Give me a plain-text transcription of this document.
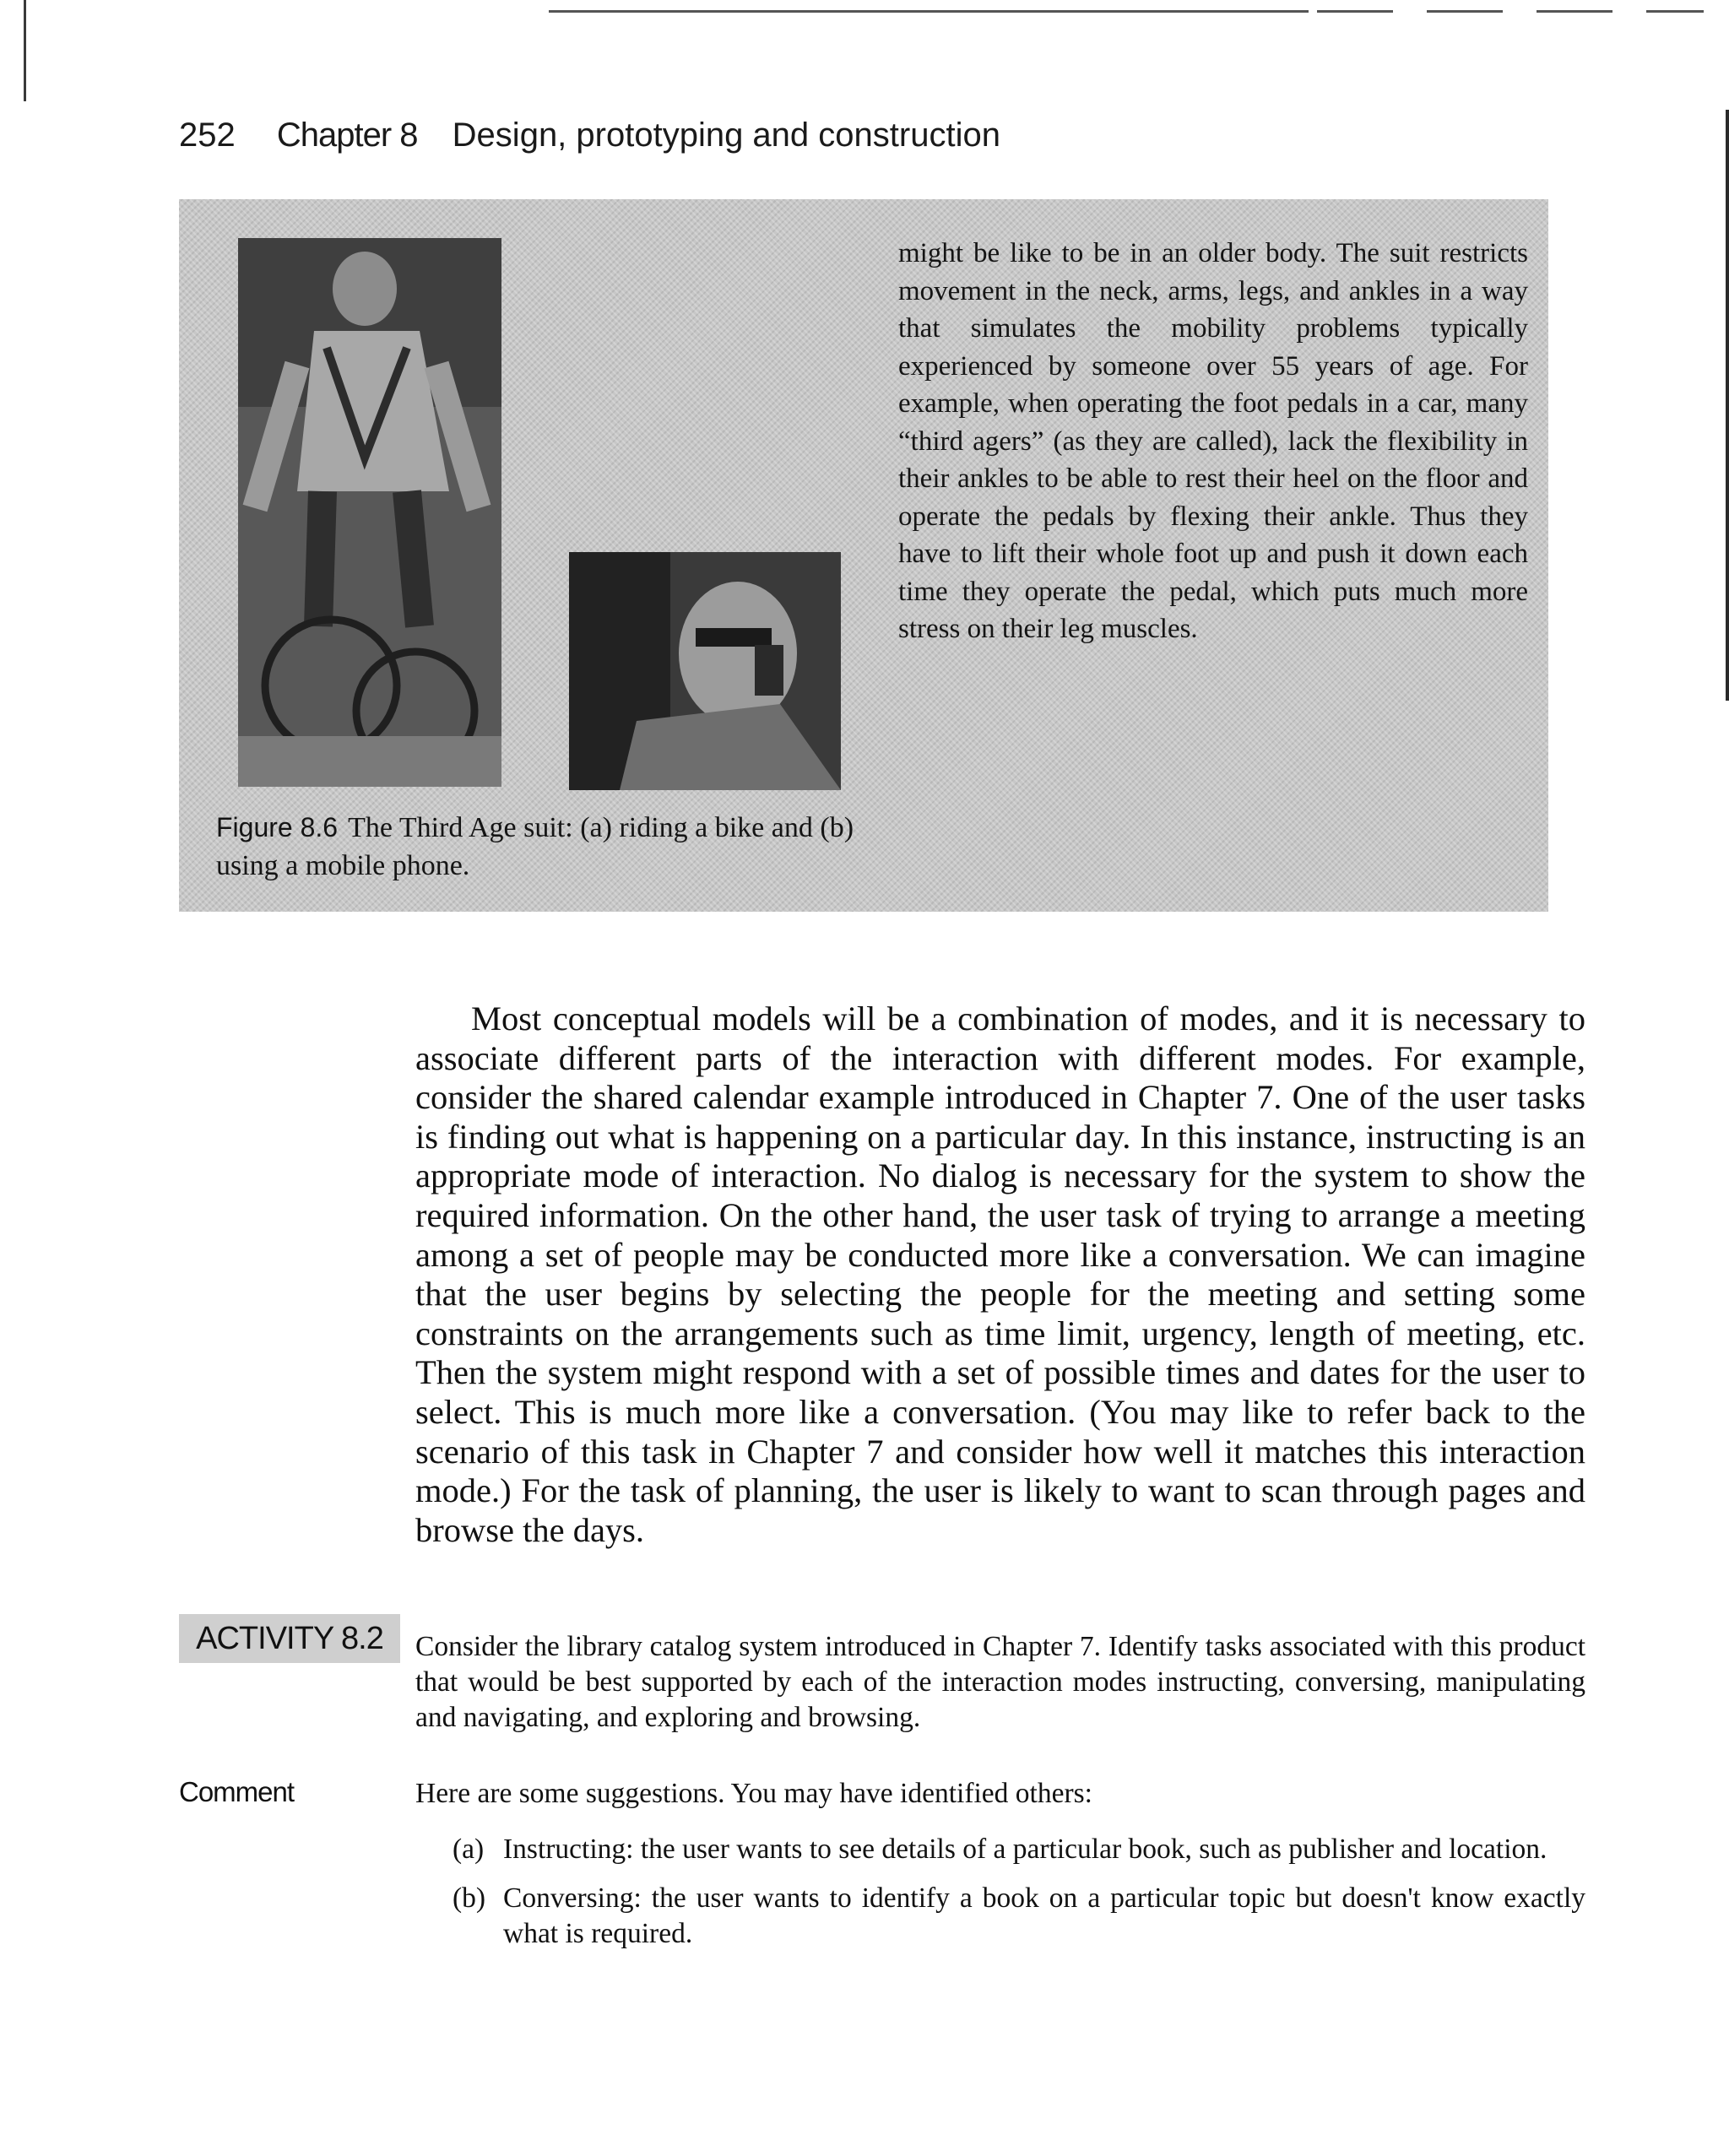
252 Chapter 8 Design, prototyping and construction
might be like to be in an older body. The suit restricts movement in the neck, arms, legs, and ankles in a way that simulates the mobility problems typically experienced by someone over 55 years of age. For example, when operating the foot pedals in a car, many “third agers” (as they are called), lack the flexibility in their ankles to be able to rest their heel on the floor and operate the pedals by flexing their ankle. Thus they have to lift their whole foot up and push it down each time they operate the pedal, which puts much more stress on their leg muscles.
Figure 8.6 The Third Age suit: (a) riding a bike and (b) using a mobile phone.
Most conceptual models will be a combination of modes, and it is necessary to associate different parts of the interaction with different modes. For example, consider the shared calendar example introduced in Chapter 7. One of the user tasks is finding out what is happening on a particular day. In this instance, instructing is an appropriate mode of interaction. No dialog is necessary for the system to show the required information. On the other hand, the user task of trying to arrange a meeting among a set of people may be conducted more like a conversation. We can imagine that the user begins by selecting the people for the meeting and setting some constraints on the arrangements such as time limit, urgency, length of meeting, etc. Then the system might respond with a set of possible times and dates for the user to select. This is much more like a conversation. (You may like to refer back to the scenario of this task in Chapter 7 and consider how well it matches this interaction mode.) For the task of planning, the user is likely to want to scan through pages and browse the days.
ACTIVITY 8.2	Consider the library catalog system introduced in Chapter 7. Identify tasks associated with this product that would be best supported by each of the interaction modes instructing, conversing, manipulating and navigating, and exploring and browsing.
Comment	Here are some suggestions. You may have identified others:
(a) Instructing: the user wants to see details of a particular book, such as publisher and location.
(b) Conversing: the user wants to identify a book on a particular topic but doesn't know exactly what is required.
